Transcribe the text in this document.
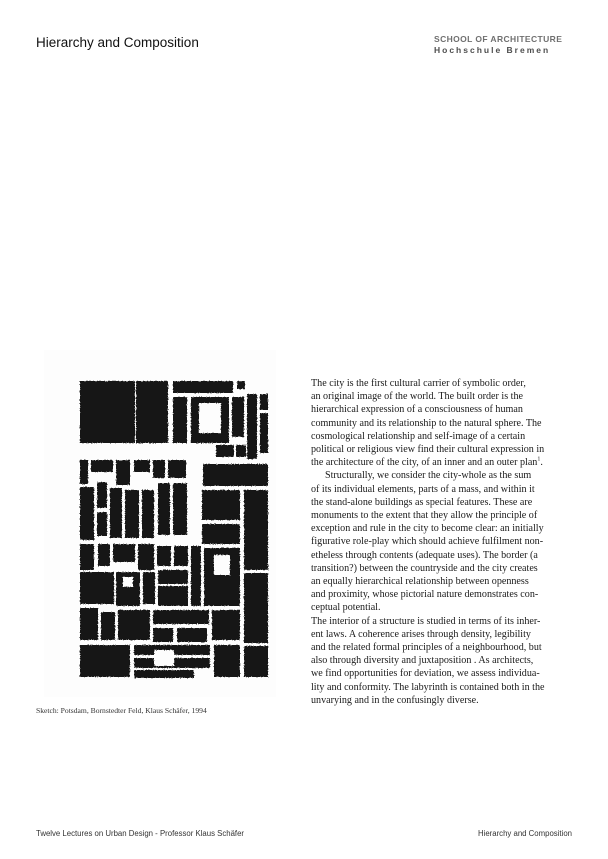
Hierarchy and Composition	SCHOOL OF ARCHITECTURE
Hochschule Bremen
Sketch: Potsdam, Bornstedter Feld, Klaus Schäfer, 1994
The city is the first cultural carrier of symbolic order,
an original image of the world. The built order is the
hierarchical expression of a consciousness of human
community and its relationship to the natural sphere. The
cosmological relationship and self-image of a certain
political or religious view find their cultural expression in
the architecture of the city, of an inner and an outer plan$^1$.
Structurally, we consider the city-whole as the sum
of its individual elements, parts of a mass, and within it
the stand-alone buildings as special features. These are
monuments to the extent that they allow the principle of
exception and rule in the city to become clear: an initially
figurative role-play which should achieve fulfilment non-
etheless through contents (adequate uses). The border (a
transition?) between the countryside and the city creates
an equally hierarchical relationship between openness
and proximity, whose pictorial nature demonstrates con-
ceptual potential.
The interior of a structure is studied in terms of its inher-
ent laws. A coherence arises through density, legibility
and the related formal principles of a neighbourhood, but
also through diversity and juxtaposition . As architects,
we find opportunities for deviation, we assess individua-
lity and conformity. The labyrinth is contained both in the
unvarying and in the confusingly diverse.
Twelve Lectures on Urban Design - Professor Klaus Schäfer	Hierarchy and Composition
